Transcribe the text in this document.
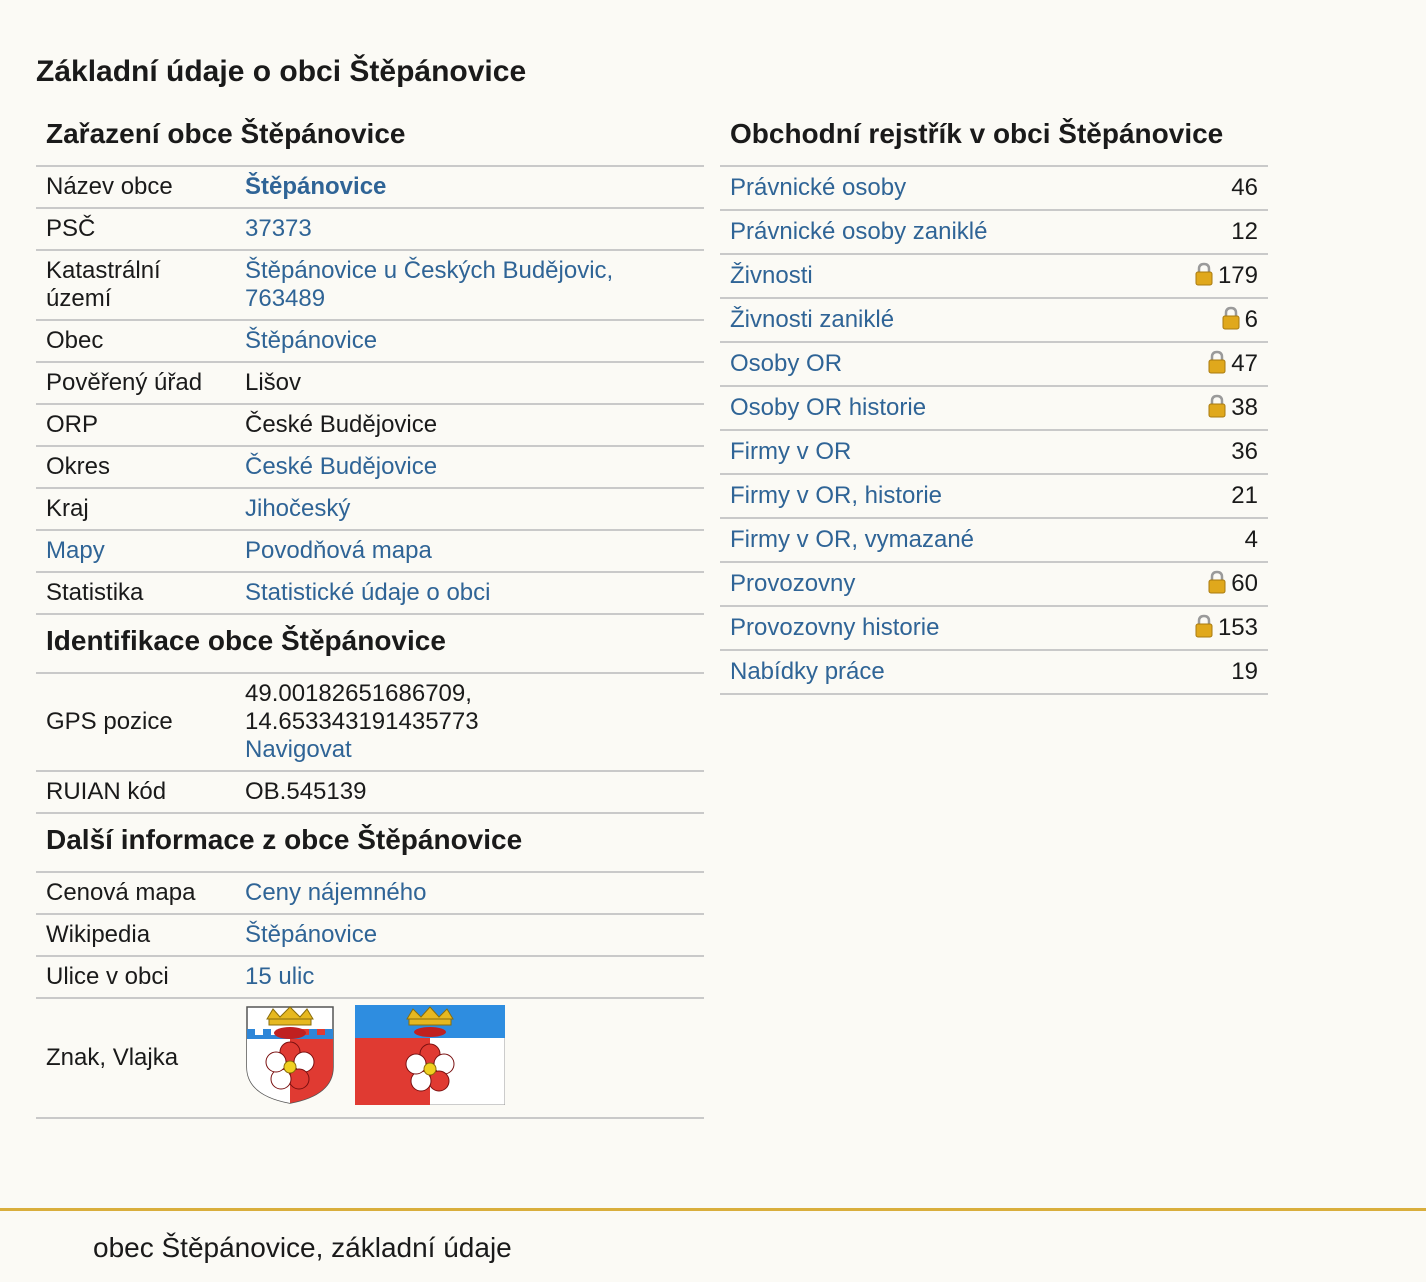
Základní údaje o obci Štěpánovice
Zařazení obce Štěpánovice
Název obce	Štěpánovice
PSČ	37373
Katastrální území	Štěpánovice u Českých Budějovic, 763489
Obec	Štěpánovice
Pověřený úřad	Lišov
ORP	České Budějovice
Okres	České Budějovice
Kraj	Jihočeský
Mapy	Povodňová mapa
Statistika	Statistické údaje o obci
Identifikace obce Štěpánovice
GPS pozice	49.00182651686709,
14.653343191435773
Navigovat
RUIAN kód	OB.545139
Další informace z obce Štěpánovice
Cenová mapa	Ceny nájemného
Wikipedia	Štěpánovice
Ulice v obci	15 ulic
Znak, Vlajka	
Obchodní rejstřík v obci Štěpánovice
Právnické osoby	46
Právnické osoby zaniklé	12
Živnosti	179
Živnosti zaniklé	6
Osoby OR	47
Osoby OR historie	38
Firmy v OR	36
Firmy v OR, historie	21
Firmy v OR, vymazané	4
Provozovny	60
Provozovny historie	153
Nabídky práce	19
obec Štěpánovice, základní údaje
